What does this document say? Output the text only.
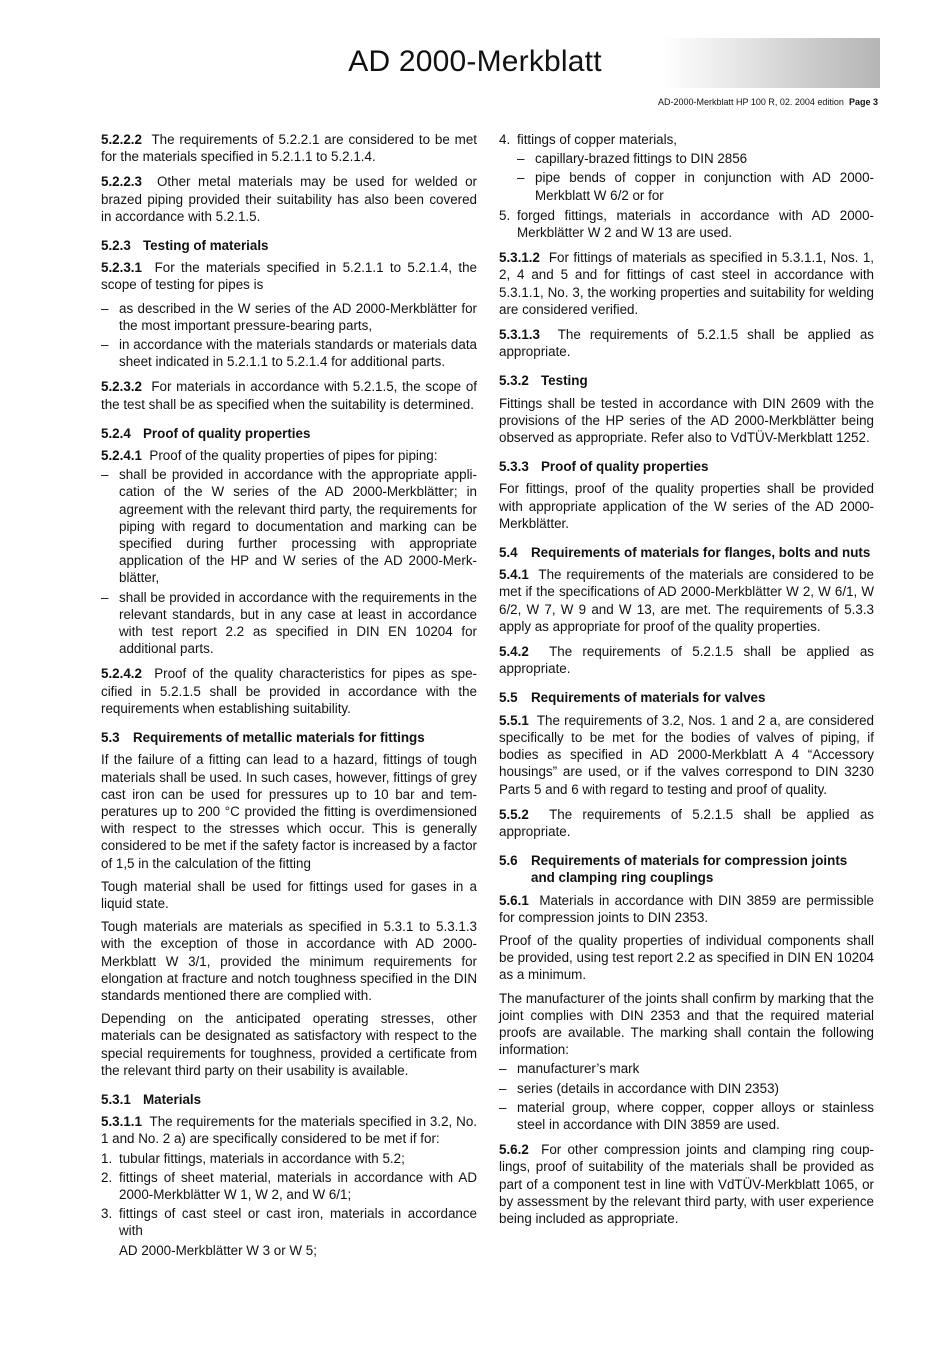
AD 2000-Merkblatt
AD-2000-Merkblatt HP 100 R, 02. 2004 edition Page 3

5.2.2.2 The requirements of 5.2.2.1 are considered to be met for the materials specified in 5.2.1.1 to 5.2.1.4.

5.2.2.3 Other metal materials may be used for welded or brazed piping provided their suitability has also been covered in accordance with 5.2.1.5.

5.2.3 Testing of materials

5.2.3.1 For the materials specified in 5.2.1.1 to 5.2.1.4, the scope of testing for pipes is

– as described in the W series of the AD 2000-Merkblätter for the most important pressure-bearing parts,
– in accordance with the materials standards or materials data sheet indicated in 5.2.1.1 to 5.2.1.4 for additional parts.

5.2.3.2 For materials in accordance with 5.2.1.5, the scope of the test shall be as specified when the suitability is determined.

5.2.4 Proof of quality properties

5.2.4.1 Proof of the quality properties of pipes for piping:

– shall be provided in accordance with the appropriate application of the W series of the AD 2000-Merkblätter; in agreement with the relevant third party, the requirements for piping with regard to documentation and marking can be specified during further processing with appropriate application of the HP and W series of the AD 2000-Merkblätter,
– shall be provided in accordance with the requirements in the relevant standards, but in any case at least in accordance with test report 2.2 as specified in DIN EN 10204 for additional parts.

5.2.4.2 Proof of the quality characteristics for pipes as specified in 5.2.1.5 shall be provided in accordance with the requirements when establishing suitability.

5.3 Requirements of metallic materials for fittings

If the failure of a fitting can lead to a hazard, fittings of tough materials shall be used. In such cases, however, fittings of grey cast iron can be used for pressures up to 10 bar and temperatures up to 200 °C provided the fitting is overdimensioned with respect to the stresses which occur. This is generally considered to be met if the safety factor is increased by a factor of 1,5 in the calculation of the fitting

Tough material shall be used for fittings used for gases in a liquid state.

Tough materials are materials as specified in 5.3.1 to 5.3.1.3 with the exception of those in accordance with AD 2000-Merkblatt W 3/1, provided the minimum requirements for elongation at fracture and notch toughness specified in the DIN standards mentioned there are complied with.

Depending on the anticipated operating stresses, other materials can be designated as satisfactory with respect to the special requirements for toughness, provided a certificate from the relevant third party on their usability is available.

5.3.1 Materials

5.3.1.1 The requirements for the materials specified in 3.2, No. 1 and No. 2 a) are specifically considered to be met if for:

1. tubular fittings, materials in accordance with 5.2;
2. fittings of sheet material, materials in accordance with AD 2000-Merkblätter W 1, W 2, and W 6/1;
3. fittings of cast steel or cast iron, materials in accordance with
AD 2000-Merkblätter W 3 or W 5;
4. fittings of copper materials,
– capillary-brazed fittings to DIN 2856
– pipe bends of copper in conjunction with AD 2000-Merkblatt W 6/2 or for
5. forged fittings, materials in accordance with AD 2000-Merkblätter W 2 and W 13 are used.

5.3.1.2 For fittings of materials as specified in 5.3.1.1, Nos. 1, 2, 4 and 5 and for fittings of cast steel in accordance with 5.3.1.1, No. 3, the working properties and suitability for welding are considered verified.

5.3.1.3 The requirements of 5.2.1.5 shall be applied as appropriate.

5.3.2 Testing

Fittings shall be tested in accordance with DIN 2609 with the provisions of the HP series of the AD 2000-Merkblätter being observed as appropriate. Refer also to VdTÜV-Merkblatt 1252.

5.3.3 Proof of quality properties

For fittings, proof of the quality properties shall be provided with appropriate application of the W series of the AD 2000-Merkblätter.

5.4 Requirements of materials for flanges, bolts and nuts

5.4.1 The requirements of the materials are considered to be met if the specifications of AD 2000-Merkblätter W 2, W 6/1, W 6/2, W 7, W 9 and W 13, are met. The requirements of 5.3.3 apply as appropriate for proof of the quality properties.

5.4.2 The requirements of 5.2.1.5 shall be applied as appropriate.

5.5 Requirements of materials for valves

5.5.1 The requirements of 3.2, Nos. 1 and 2 a, are considered specifically to be met for the bodies of valves of piping, if bodies as specified in AD 2000-Merkblatt A 4 “Accessory housings” are used, or if the valves correspond to DIN 3230 Parts 5 and 6 with regard to testing and proof of quality.

5.5.2 The requirements of 5.2.1.5 shall be applied as appropriate.

5.6 Requirements of materials for compression joints and clamping ring couplings

5.6.1 Materials in accordance with DIN 3859 are permissible for compression joints to DIN 2353.

Proof of the quality properties of individual components shall be provided, using test report 2.2 as specified in DIN EN 10204 as a minimum.

The manufacturer of the joints shall confirm by marking that the joint complies with DIN 2353 and that the required material proofs are available. The marking shall contain the following information:

– manufacturer’s mark
– series (details in accordance with DIN 2353)
– material group, where copper, copper alloys or stainless steel in accordance with DIN 3859 are used.

5.6.2 For other compression joints and clamping ring couplings, proof of suitability of the materials shall be provided as part of a component test in line with VdTÜV-Merkblatt 1065, or by assessment by the relevant third party, with user experience being included as appropriate.
